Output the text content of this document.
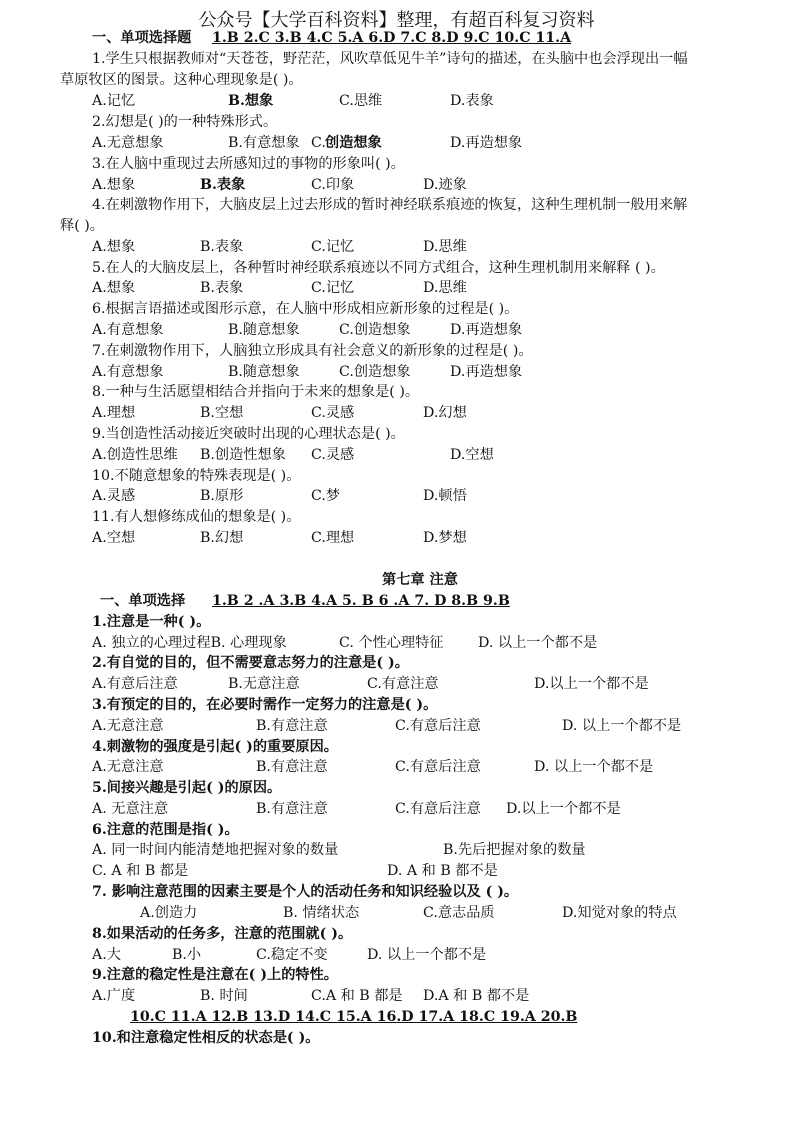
公众号【大学百科资料】整理，有超百科复习资料
一、单项选择题 1.B 2.C 3.B 4.C 5.A 6.D 7.C 8.D 9.C 10.C 11.A
1.学生只根据教师对“天苍苍，野茫茫，风吹草低见牛羊”诗句的描述，在头脑中也会浮现出一幅
草原牧区的图景。这种心理现象是( )。
A.记忆	B.想象	C.思维	D.表象
2.幻想是( )的一种特殊形式。
A.无意想象	B.有意想象 C. 创造想象	D.再造想象
3.在人脑中重现过去所感知过的事物的形象叫( )。
A.想象	B.表象	C.印象	D.迹象
4.在刺激物作用下，大脑皮层上过去形成的暂时神经联系痕迹的恢复，这种生理机制一般用来解
释( )。
A.想象	B.表象	C.记忆	D.思维
5.在人的大脑皮层上，各种暂时神经联系痕迹以不同方式组合，这种生理机制用来解释 ( )。
A.想象	B.表象	C.记忆	D.思维
6.根据言语描述或图形示意，在人脑中形成相应新形象的过程是( )。
A.有意想象	B.随意想象	C.创造想象	D.再造想象
7.在刺激物作用下，人脑独立形成具有社会意义的新形象的过程是( )。
A.有意想象	B.随意想象	C.创造想象	D.再造想象
8.一种与生活愿望相结合并指向于未来的想象是( )。
A.理想	B.空想	C.灵感	D.幻想
9.当创造性活动接近突破时出现的心理状态是( )。
A.创造性思维 B.创造性想象 C.灵感	D.空想
10.不随意想象的特殊表现是( )。
A.灵感	B.原形	C.梦	D.顿悟
11.有人想修练成仙的想象是( )。
A.空想	B.幻想	C.理想	D.梦想
第七章 注意
一、单项选择 1.B 2 .A 3.B 4.A 5. B 6 .A 7. D 8.B 9.B
1.注意是一种( )。
A. 独立的心理过程B. 心理现象	C. 个性心理特征 D. 以上一个都不是
2.有自觉的目的，但不需要意志努力的注意是( )。
A.有意后注意	B.无意注意	C.有意注意	D.以上一个都不是
3.有预定的目的，在必要时需作一定努力的注意是( )。
A.无意注意	B.有意注意	C.有意后注意	D. 以上一个都不是
4.刺激物的强度是引起( )的重要原因。
A.无意注意	B.有意注意	C.有意后注意	D. 以上一个都不是
5.间接兴趣是引起( )的原因。
A. 无意注意	B.有意注意	C.有意后注意 D.以上一个都不是
6.注意的范围是指( )。
A. 同一时间内能清楚地把握对象的数量	B.先后把握对象的数量
C. A 和 B 都是	D. A 和 B 都不是
7. 影响注意范围的因素主要是个人的活动任务和知识经验以及 ( )。
A.创造力	B. 情绪状态	C.意志品质	D.知觉对象的特点
8.如果活动的任务多，注意的范围就( )。
A.大	B.小	C.稳定不变	D. 以上一个都不是
9.注意的稳定性是注意在( )上的特性。
A.广度	B. 时间	C.A 和 B 都是 D.A 和 B 都不是
10.C 11.A 12.B 13.D 14.C 15.A 16.D 17.A 18.C 19.A 20.B
10.和注意稳定性相反的状态是( )。
